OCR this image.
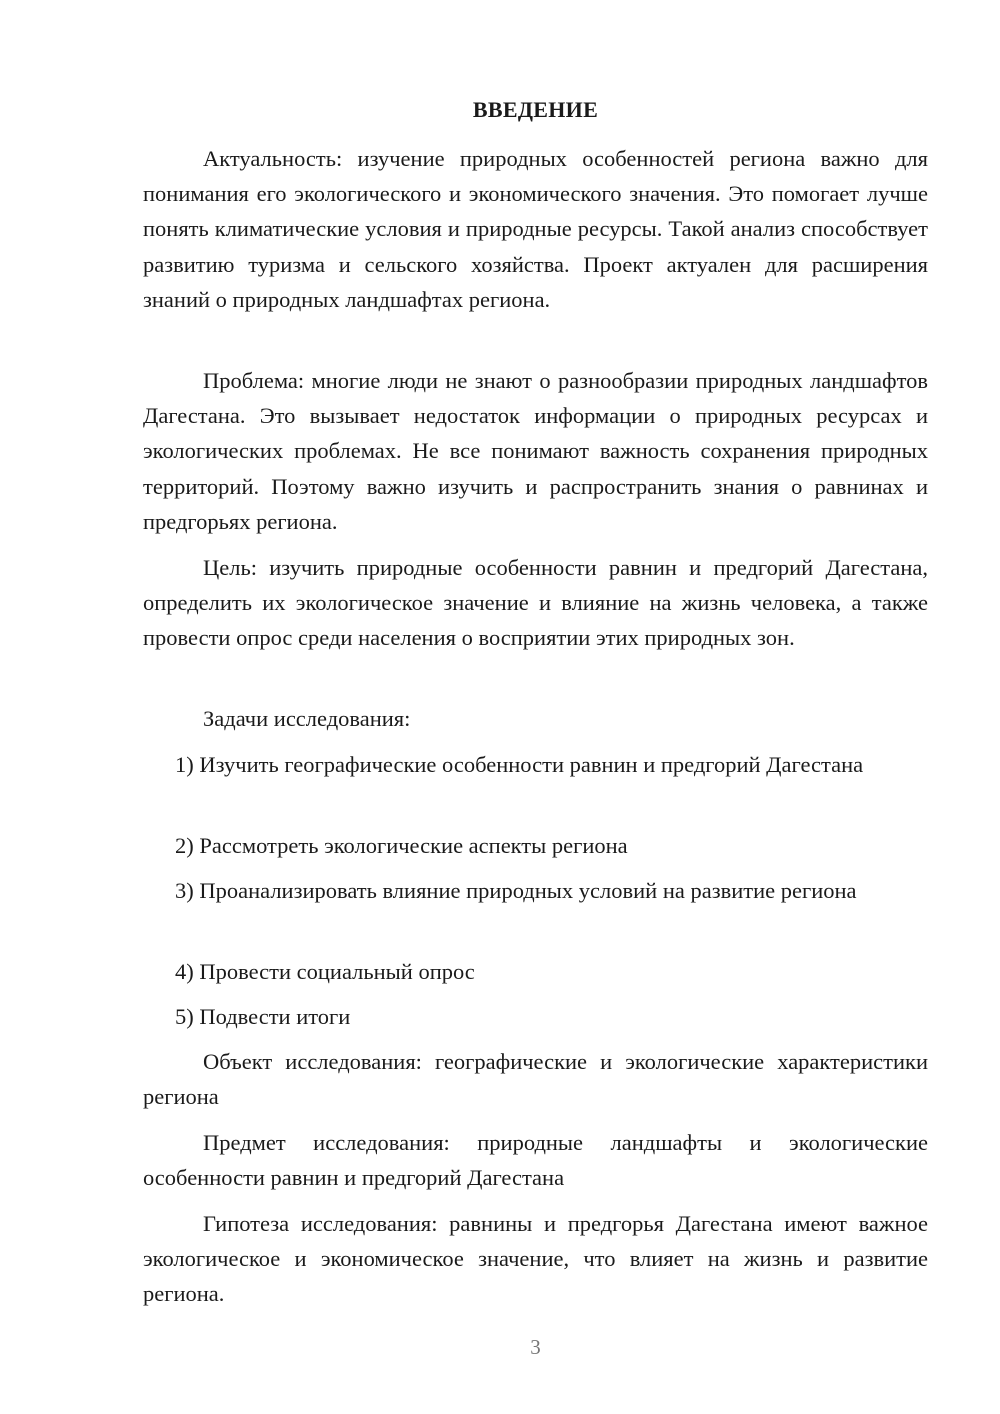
ВВЕДЕНИЕ

Актуальность: изучение природных особенностей региона важно для понимания его экологического и экономического значения. Это помогает лучше понять климатические условия и природные ресурсы. Такой анализ способствует развитию туризма и сельского хозяйства. Проект актуален для расширения знаний о природных ландшафтах региона.

Проблема: многие люди не знают о разнообразии природных ландшафтов Дагестана. Это вызывает недостаток информации о природных ресурсах и экологических проблемах. Не все понимают важность сохранения природных территорий. Поэтому важно изучить и распространить знания о равнинах и предгорьях региона.

Цель: изучить природные особенности равнин и предгорий Дагестана, определить их экологическое значение и влияние на жизнь человека, а также провести опрос среди населения о восприятии этих природных зон.

Задачи исследования:

1) Изучить географические особенности равнин и предгорий Дагестана

2) Рассмотреть экологические аспекты региона

3) Проанализировать влияние природных условий на развитие региона

4) Провести социальный опрос

5) Подвести итоги

Объект исследования: географические и экологические характеристики региона

Предмет исследования: природные ландшафты и экологические особенности равнин и предгорий Дагестана

Гипотеза исследования: равнины и предгорья Дагестана имеют важное экологическое и экономическое значение, что влияет на жизнь и развитие региона.

3
